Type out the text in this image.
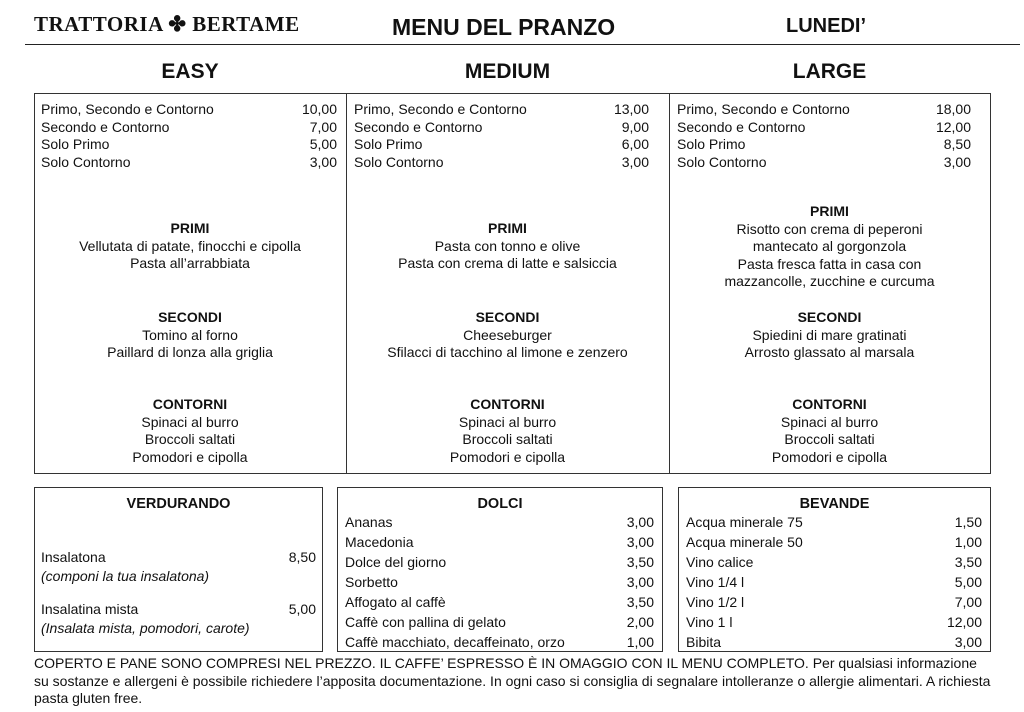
TRATTORIA ✤ BERTAME	MENU DEL PRANZO	LUNEDI’
EASY	MEDIUM	LARGE
Primo, Secondo e Contorno	10,00
Secondo e Contorno	7,00
Solo Primo	5,00
Solo Contorno	3,00
PRIMI
Vellutata di patate, finocchi e cipolla
Pasta all’arrabbiata
SECONDI
Tomino al forno
Paillard di lonza alla griglia
CONTORNI
Spinaci al burro
Broccoli saltati
Pomodori e cipolla
Primo, Secondo e Contorno	13,00
Secondo e Contorno	9,00
Solo Primo	6,00
Solo Contorno	3,00
PRIMI
Pasta con tonno e olive
Pasta con crema di latte e salsiccia
SECONDI
Cheeseburger
Sfilacci di tacchino al limone e zenzero
CONTORNI
Spinaci al burro
Broccoli saltati
Pomodori e cipolla
Primo, Secondo e Contorno	18,00
Secondo e Contorno	12,00
Solo Primo	8,50
Solo Contorno	3,00
PRIMI
Risotto con crema di peperoni
mantecato al gorgonzola
Pasta fresca fatta in casa con
mazzancolle, zucchine e curcuma
SECONDI
Spiedini di mare gratinati
Arrosto glassato al marsala
CONTORNI
Spinaci al burro
Broccoli saltati
Pomodori e cipolla
VERDURANDO
Insalatona	8,50
(componi la tua insalatona)
Insalatina mista	5,00
(Insalata mista, pomodori, carote)
DOLCI
Ananas	3,00
Macedonia	3,00
Dolce del giorno	3,50
Sorbetto	3,00
Affogato al caffè	3,50
Caffè con pallina di gelato	2,00
Caffè macchiato, decaffeinato, orzo	1,00
BEVANDE
Acqua minerale 75	1,50
Acqua minerale 50	1,00
Vino calice	3,50
Vino 1/4 l	5,00
Vino 1/2 l	7,00
Vino 1 l	12,00
Bibita	3,00
COPERTO E PANE SONO COMPRESI NEL PREZZO. IL CAFFE’ ESPRESSO È IN OMAGGIO CON IL MENU COMPLETO. Per qualsiasi informazione su sostanze e allergeni è possibile richiedere l’apposita documentazione. In ogni caso si consiglia di segnalare intolleranze o allergie alimentari. A richiesta pasta gluten free.
